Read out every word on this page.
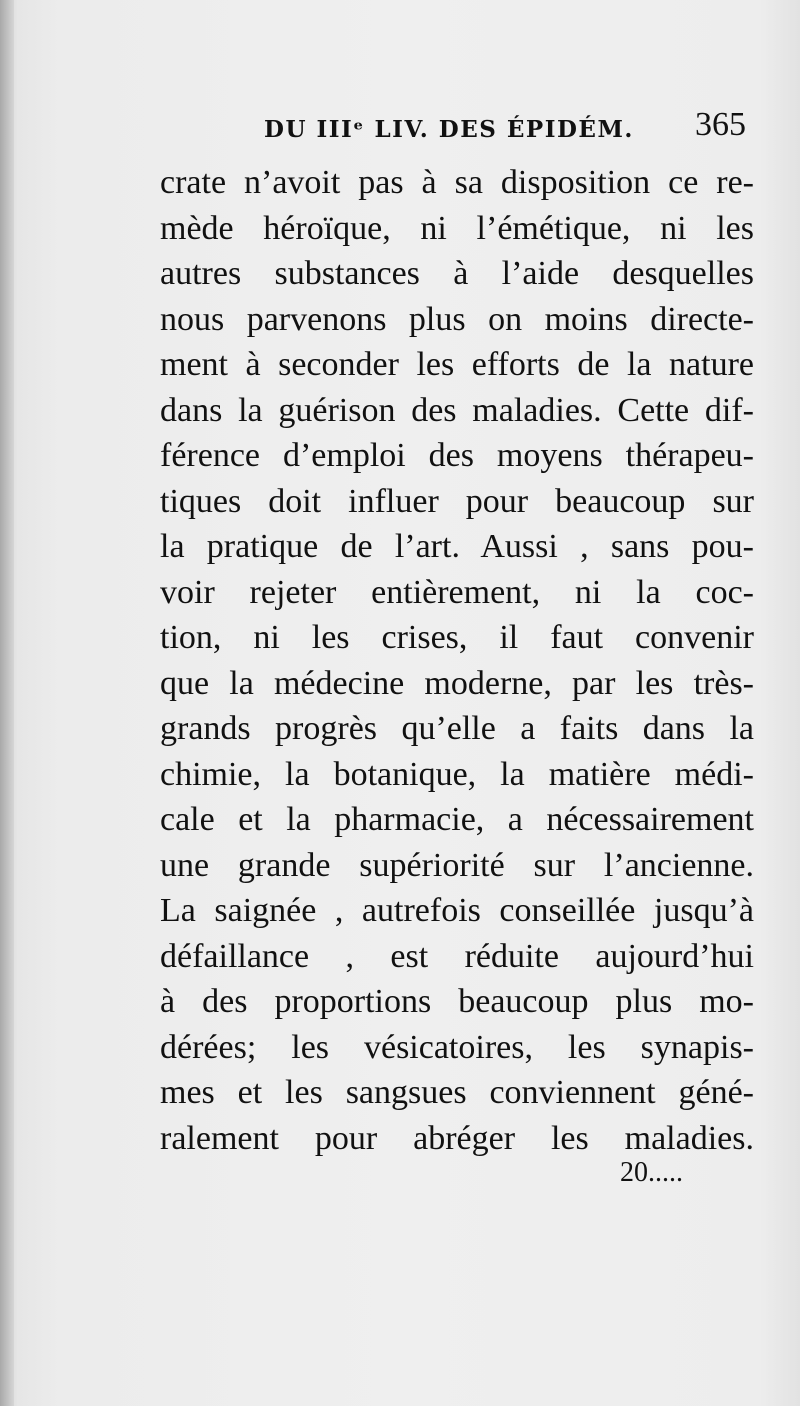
DU IIIᵉ LIV. DES ÉPIDÉM. 365
crate n’avoit pas à sa disposition ce re-
mède héroïque, ni l’émétique, ni les
autres substances à l’aide desquelles
nous parvenons plus on moins directe-
ment à seconder les efforts de la nature
dans la guérison des maladies. Cette dif-
férence d’emploi des moyens thérapeu-
tiques doit influer pour beaucoup sur
la pratique de l’art. Aussi , sans pou-
voir rejeter entièrement, ni la coc-
tion, ni les crises, il faut convenir
que la médecine moderne, par les très-
grands progrès qu’elle a faits dans la
chimie, la botanique, la matière médi-
cale et la pharmacie, a nécessairement
une grande supériorité sur l’ancienne.
La saignée , autrefois conseillée jusqu’à
défaillance , est réduite aujourd’hui
à des proportions beaucoup plus mo-
dérées; les vésicatoires, les synapis-
mes et les sangsues conviennent géné-
ralement pour abréger les maladies.
20.....
